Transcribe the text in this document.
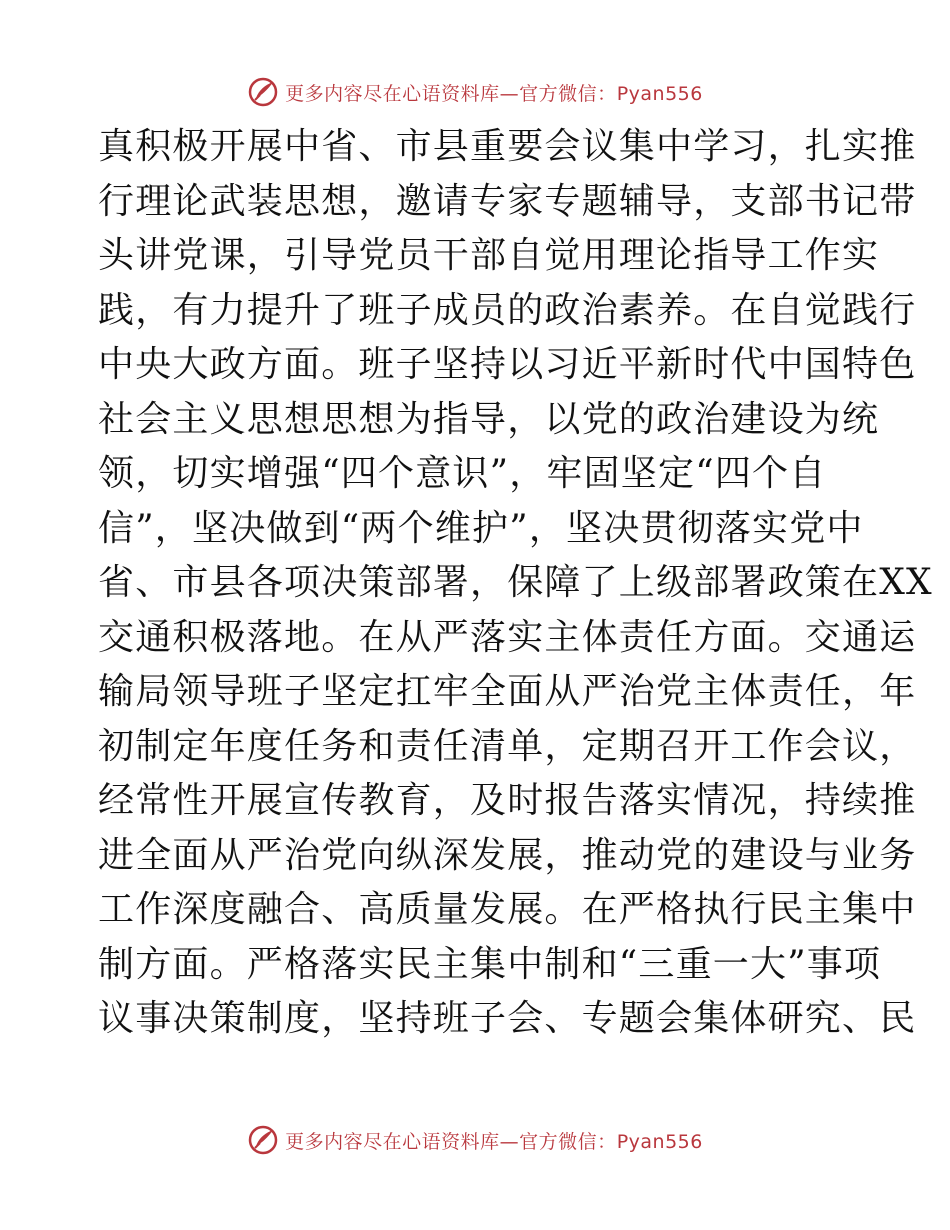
更多内容尽在心语资料库—官方微信：Pyan556
真积极开展中省、市县重要会议集中学习，扎实推
行理论武装思想，邀请专家专题辅导，支部书记带
头讲党课，引导党员干部自觉用理论指导工作实
践，有力提升了班子成员的政治素养。在自觉践行
中央大政方面。班子坚持以习近平新时代中国特色
社会主义思想思想为指导，以党的政治建设为统
领，切实增强“四个意识”，牢固坚定“四个自
信”，坚决做到“两个维护”，坚决贯彻落实党中
省、市县各项决策部署，保障了上级部署政策在XX
交通积极落地。在从严落实主体责任方面。交通运
输局领导班子坚定扛牢全面从严治党主体责任，年
初制定年度任务和责任清单，定期召开工作会议，
经常性开展宣传教育，及时报告落实情况，持续推
进全面从严治党向纵深发展，推动党的建设与业务
工作深度融合、高质量发展。在严格执行民主集中
制方面。严格落实民主集中制和“三重一大”事项
议事决策制度，坚持班子会、专题会集体研究、民
更多内容尽在心语资料库—官方微信：Pyan556
